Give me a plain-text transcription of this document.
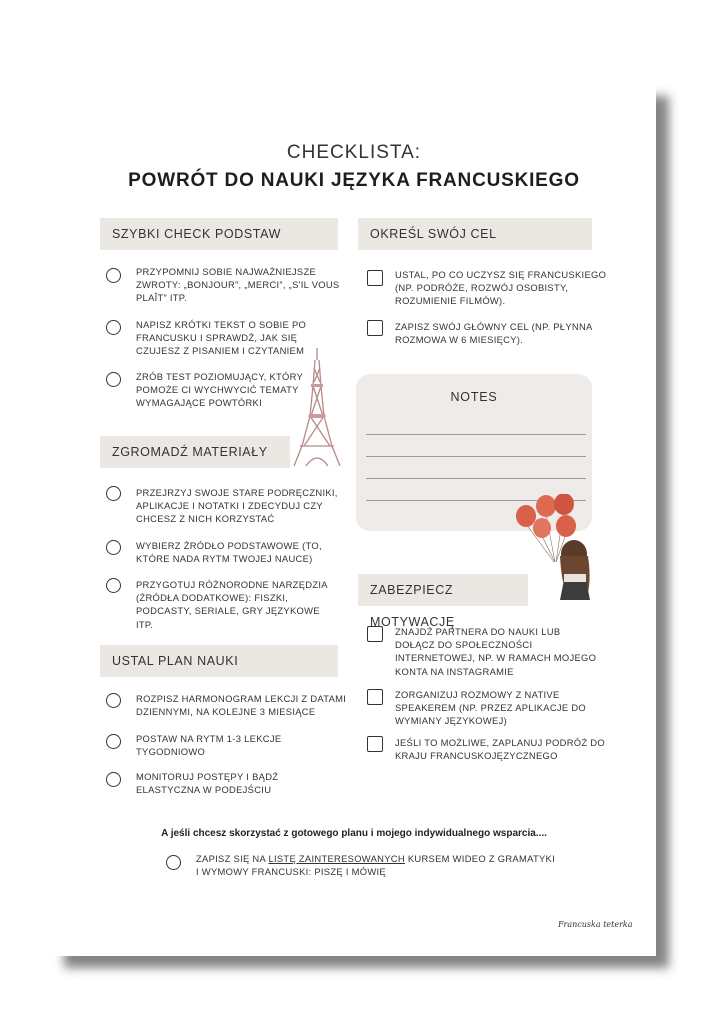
CHECKLISTA:
POWRÓT DO NAUKI JĘZYKA FRANCUSKIEGO
SZYBKI CHECK PODSTAW
PRZYPOMNIJ SOBIE NAJWAŻNIEJSZE
ZWROTY: „BONJOUR”, „MERCI”, „S'IL VOUS
PLAÎT” ITP.
NAPISZ KRÓTKI TEKST O SOBIE PO
FRANCUSKU I SPRAWDŹ, JAK SIĘ
CZUJESZ Z PISANIEM I CZYTANIEM
ZRÓB TEST POZIOMUJĄCY, KTÓRY
POMOŻE CI WYCHWYCIĆ TEMATY
WYMAGAJĄCE POWTÓRKI
ZGROMADŹ MATERIAŁY
PRZEJRZYJ SWOJE STARE PODRĘCZNIKI,
APLIKACJE I NOTATKI I ZDECYDUJ CZY
CHCESZ Z NICH KORZYSTAĆ
WYBIERZ ŹRÓDŁO PODSTAWOWE (TO,
KTÓRE NADA RYTM TWOJEJ NAUCE)
PRZYGOTUJ RÓŻNORODNE NARZĘDZIA
(ŹRÓDŁA DODATKOWE): FISZKI,
PODCASTY, SERIALE, GRY JĘZYKOWE
ITP.
USTAL PLAN NAUKI
ROZPISZ HARMONOGRAM LEKCJI Z DATAMI
DZIENNYMI, NA KOLEJNE 3 MIESIĄCE
POSTAW NA RYTM 1-3 LEKCJE
TYGODNIOWO
MONITORUJ POSTĘPY I BĄDŹ
ELASTYCZNA W PODEJŚCIU
OKREŚL SWÓJ CEL
USTAL, PO CO UCZYSZ SIĘ FRANCUSKIEGO
(NP. PODRÓŻE, ROZWÓJ OSOBISTY,
ROZUMIENIE FILMÓW).
ZAPISZ SWÓJ GŁÓWNY CEL (NP. PŁYNNA
ROZMOWA W 6 MIESIĘCY).
NOTES
ZABEZPIECZ MOTYWACJĘ
ZNAJDŹ PARTNERA DO NAUKI LUB
DOŁĄCZ DO SPOŁECZNOŚCI
INTERNETOWEJ, NP. W RAMACH MOJEGO
KONTA NA INSTAGRAMIE
ZORGANIZUJ ROZMOWY Z NATIVE
SPEAKEREM (NP. PRZEZ APLIKACJE DO
WYMIANY JĘZYKOWEJ)
JEŚLI TO MOŻLIWE, ZAPLANUJ PODRÓŻ DO
KRAJU FRANCUSKOJĘZYCZNEGO
A jeśli chcesz skorzystać z gotowego planu i mojego indywidualnego wsparcia....
ZAPISZ SIĘ NA LISTĘ ZAINTERESOWANYCH KURSEM WIDEO Z GRAMATYKI
I WYMOWY FRANCUSKI: PISZĘ I MÓWIĘ
Francuska teterka
